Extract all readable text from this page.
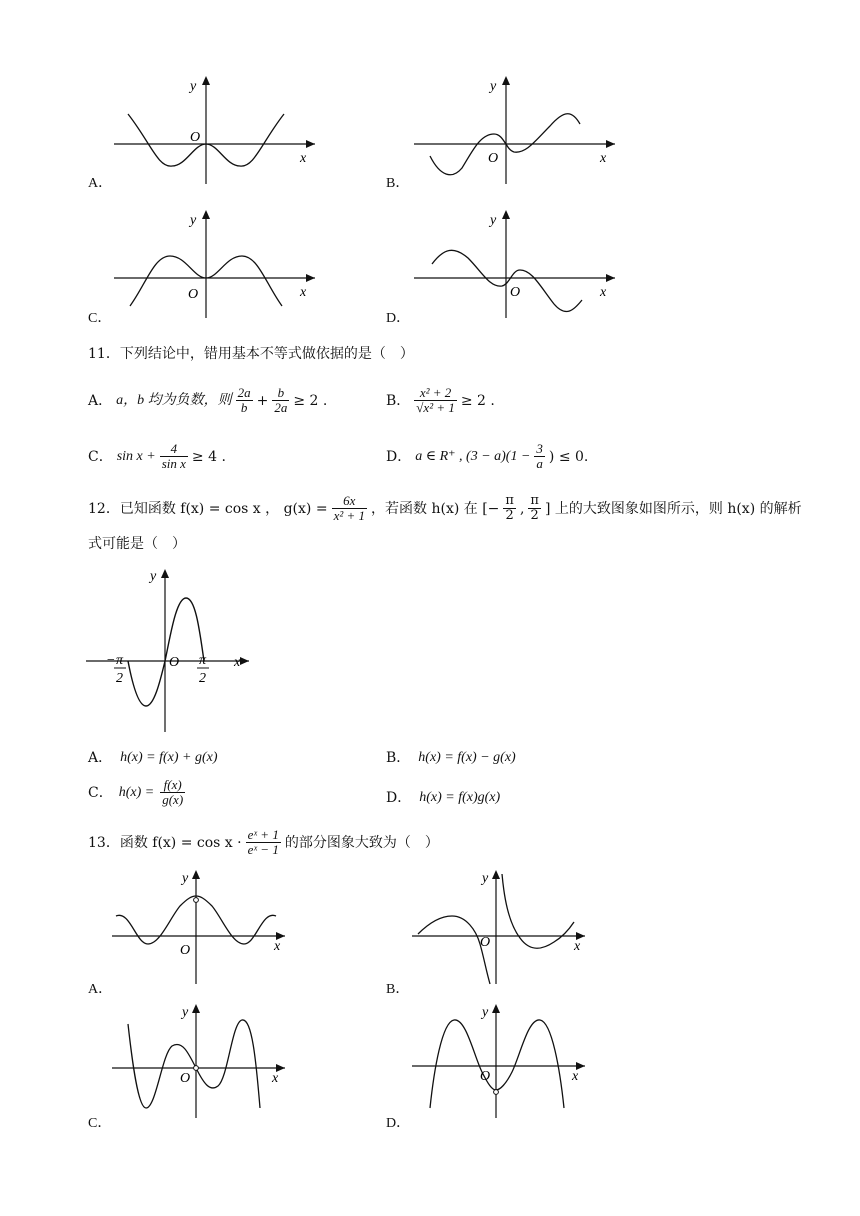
y
O
x
A．
y
O	x
B．
y
O	x
C．
y
O	x
D．
11．下列结论中，错用基本不等式做依据的是（　）
A． a，b 均为负数，则 $\frac{2a}{b} + \frac{b}{2a} \ge 2$ .	B． $\frac{\text{x² + 2}}{\text{√x² + 1}} \ge 2$ .
C． $\sin x + \frac{4}{\text{sin x}} \ge 4$ .	D． a ∈ R⁺ , $(3 - a)(1 - \frac{3}{a}$ ) ≤ 0.
12．已知函数 f(x) = cos x ， $g(x) = \frac{6x}{\text{x² + 1}}$ ，若函数 h(x) 在 [− $\frac{\pi}{2}$ , $\frac{\pi}{2}$ ] 上的大致图象如图所示，则 h(x) 的解析
式可能是（　）
y
O	x
− π
2
π
2
A． h(x) = f(x) + g(x)	B． h(x) = f(x) − g(x)
C． $h(x) = \frac{f(x)}{g(x)}$	D． h(x) = f(x)g(x)
13．函数 $f(x) = \cos x \cdot \frac{\text{eˣ + 1}}{\text{eˣ − 1}}$ 的部分图象大致为（　）
y
O	x
A．
y
O	x
B．
y
O	x
C．
y
O	x
D．
